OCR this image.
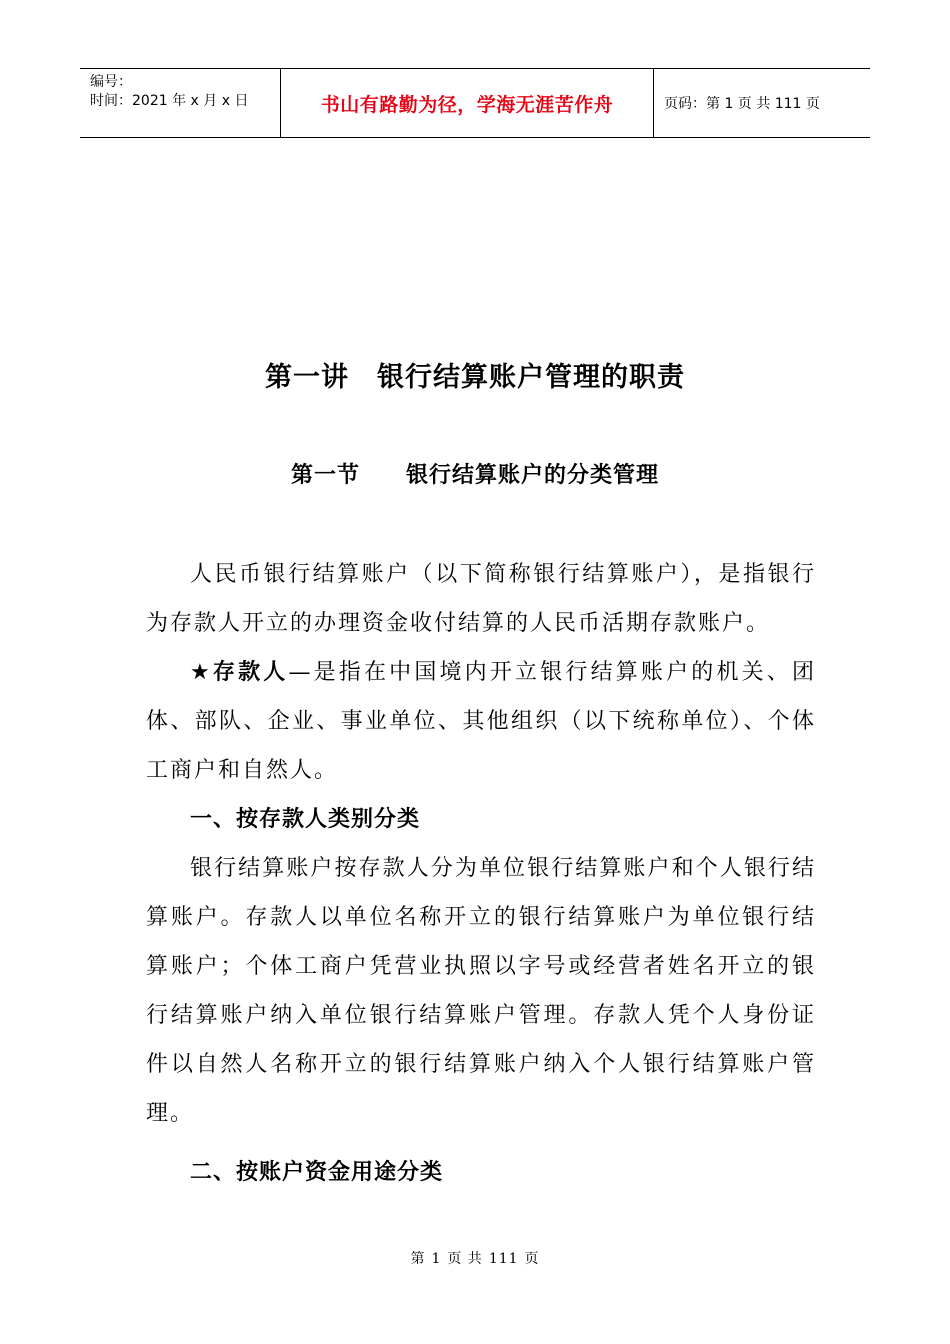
编号：
时间：2021 年 x 月 x 日	书山有路勤为径，学海无涯苦作舟	页码：第 1 页 共 111 页
第一讲 银行结算账户管理的职责
第一节 银行结算账户的分类管理

人民币银行结算账户（以下简称银行结算账户），是指银行为存款人开立的办理资金收付结算的人民币活期存款账户。

★存款人—是指在中国境内开立银行结算账户的机关、团体、部队、企业、事业单位、其他组织（以下统称单位）、个体工商户和自然人。

一、按存款人类别分类

银行结算账户按存款人分为单位银行结算账户和个人银行结算账户。存款人以单位名称开立的银行结算账户为单位银行结算账户；个体工商户凭营业执照以字号或经营者姓名开立的银行结算账户纳入单位银行结算账户管理。存款人凭个人身份证件以自然人名称开立的银行结算账户纳入个人银行结算账户管理。

二、按账户资金用途分类

第 1 页 共 111 页
